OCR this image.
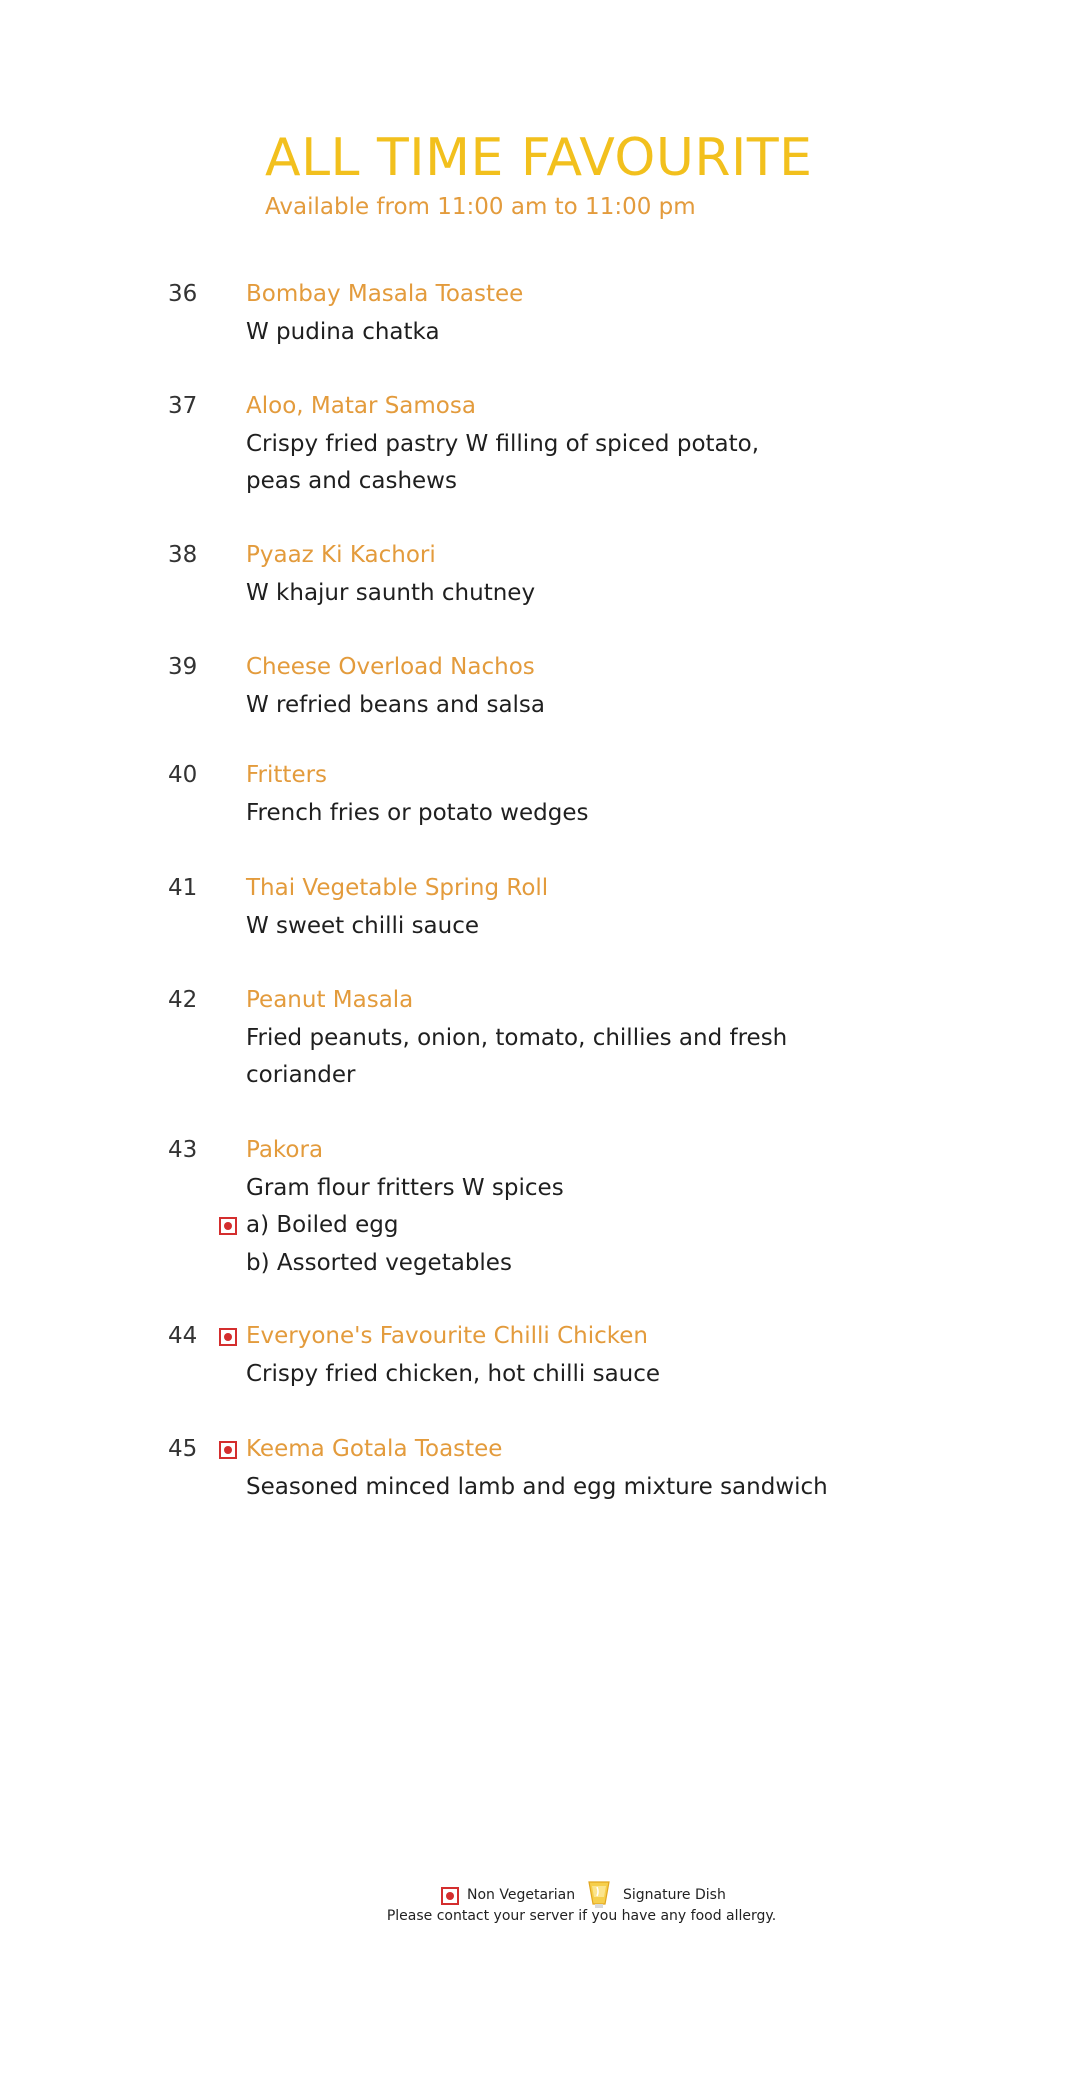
ALL TIME FAVOURITE
Available from 11:00 am to 11:00 pm
36 Bombay Masala Toastee
W pudina chatka
37 Aloo, Matar Samosa
Crispy fried pastry W filling of spiced potato,
peas and cashews
38 Pyaaz Ki Kachori
W khajur saunth chutney
39 Cheese Overload Nachos
W refried beans and salsa
40 Fritters
French fries or potato wedges
41 Thai Vegetable Spring Roll
W sweet chilli sauce
42 Peanut Masala
Fried peanuts, onion, tomato, chillies and fresh
coriander
43 Pakora
Gram flour fritters W spices
a) Boiled egg
b) Assorted vegetables
44 Everyone's Favourite Chilli Chicken
Crispy fried chicken, hot chilli sauce
45 Keema Gotala Toastee
Seasoned minced lamb and egg mixture sandwich
Non Vegetarian	Signature Dish
Please contact your server if you have any food allergy.
